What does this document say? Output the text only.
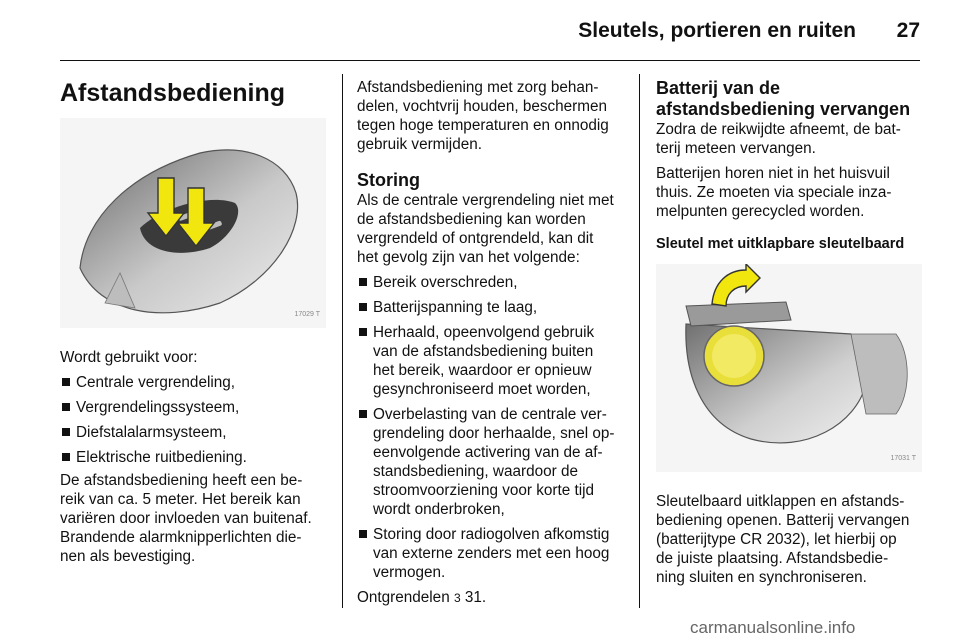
Sleutels, portieren en ruiten 27
Afstandsbediening
17029 T

Wordt gebruikt voor:

Centrale vergrendeling,
Vergrendelingssysteem,
Diefstalalarmsysteem,
Elektrische ruitbediening.

De afstandsbediening heeft een be-
reik van ca. 5 meter. Het bereik kan
variëren door invloeden van buitenaf.
Brandende alarmknipperlichten die-
nen als bevestiging.

Afstandsbediening met zorg behan-
delen, vochtvrij houden, beschermen
tegen hoge temperaturen en onnodig
gebruik vermijden.

Storing

Als de centrale vergrendeling niet met
de afstandsbediening kan worden
vergrendeld of ontgrendeld, kan dit
het gevolg zijn van het volgende:

Bereik overschreden,
Batterijspanning te laag,
Herhaald, opeenvolgend gebruik
van de afstandsbediening buiten
het bereik, waardoor er opnieuw
gesynchroniseerd moet worden,
Overbelasting van de centrale ver-
grendeling door herhaalde, snel op-
eenvolgende activering van de af-
standsbediening, waardoor de
stroomvoorziening voor korte tijd
wordt onderbroken,
Storing door radiogolven afkomstig
van externe zenders met een hoog
vermogen.

Ontgrendelen 3 31.

Batterij van de
afstandsbediening vervangen

Zodra de reikwijdte afneemt, de bat-
terij meteen vervangen.

Batterijen horen niet in het huisvuil
thuis. Ze moeten via speciale inza-
melpunten gerecycled worden.

Sleutel met uitklapbare sleutelbaard

17031 T

Sleutelbaard uitklappen en afstands-
bediening openen. Batterij vervangen
(batterijtype CR 2032), let hierbij op
de juiste plaatsing. Afstandsbedie-
ning sluiten en synchroniseren.

carmanualsonline.info
